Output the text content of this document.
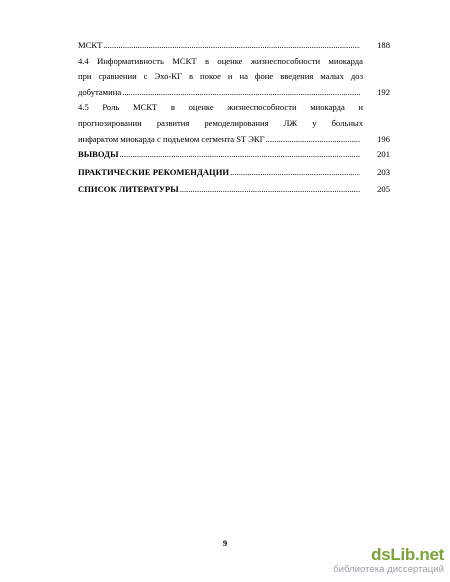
МСКТ .....	188
4.4 Информативность МСКТ в оценке жизнеспособности миокарда
при сравнении с Эхо-КГ в покое и на фоне введения малых доз
добутамина .....	192
4.5 Роль МСКТ в оценке жизнеспособности миокарда и
прогнозировании развития ремоделирования ЛЖ у больных
инфарктом миокарда с подъемом сегмента ST ЭКГ .....	196
ВЫВОДЫ .....	201
ПРАКТИЧЕСКИЕ РЕКОМЕНДАЦИИ .....	203
СПИСОК ЛИТЕРАТУРЫ .....	205
9
dsLib.net
библиотека диссертаций
